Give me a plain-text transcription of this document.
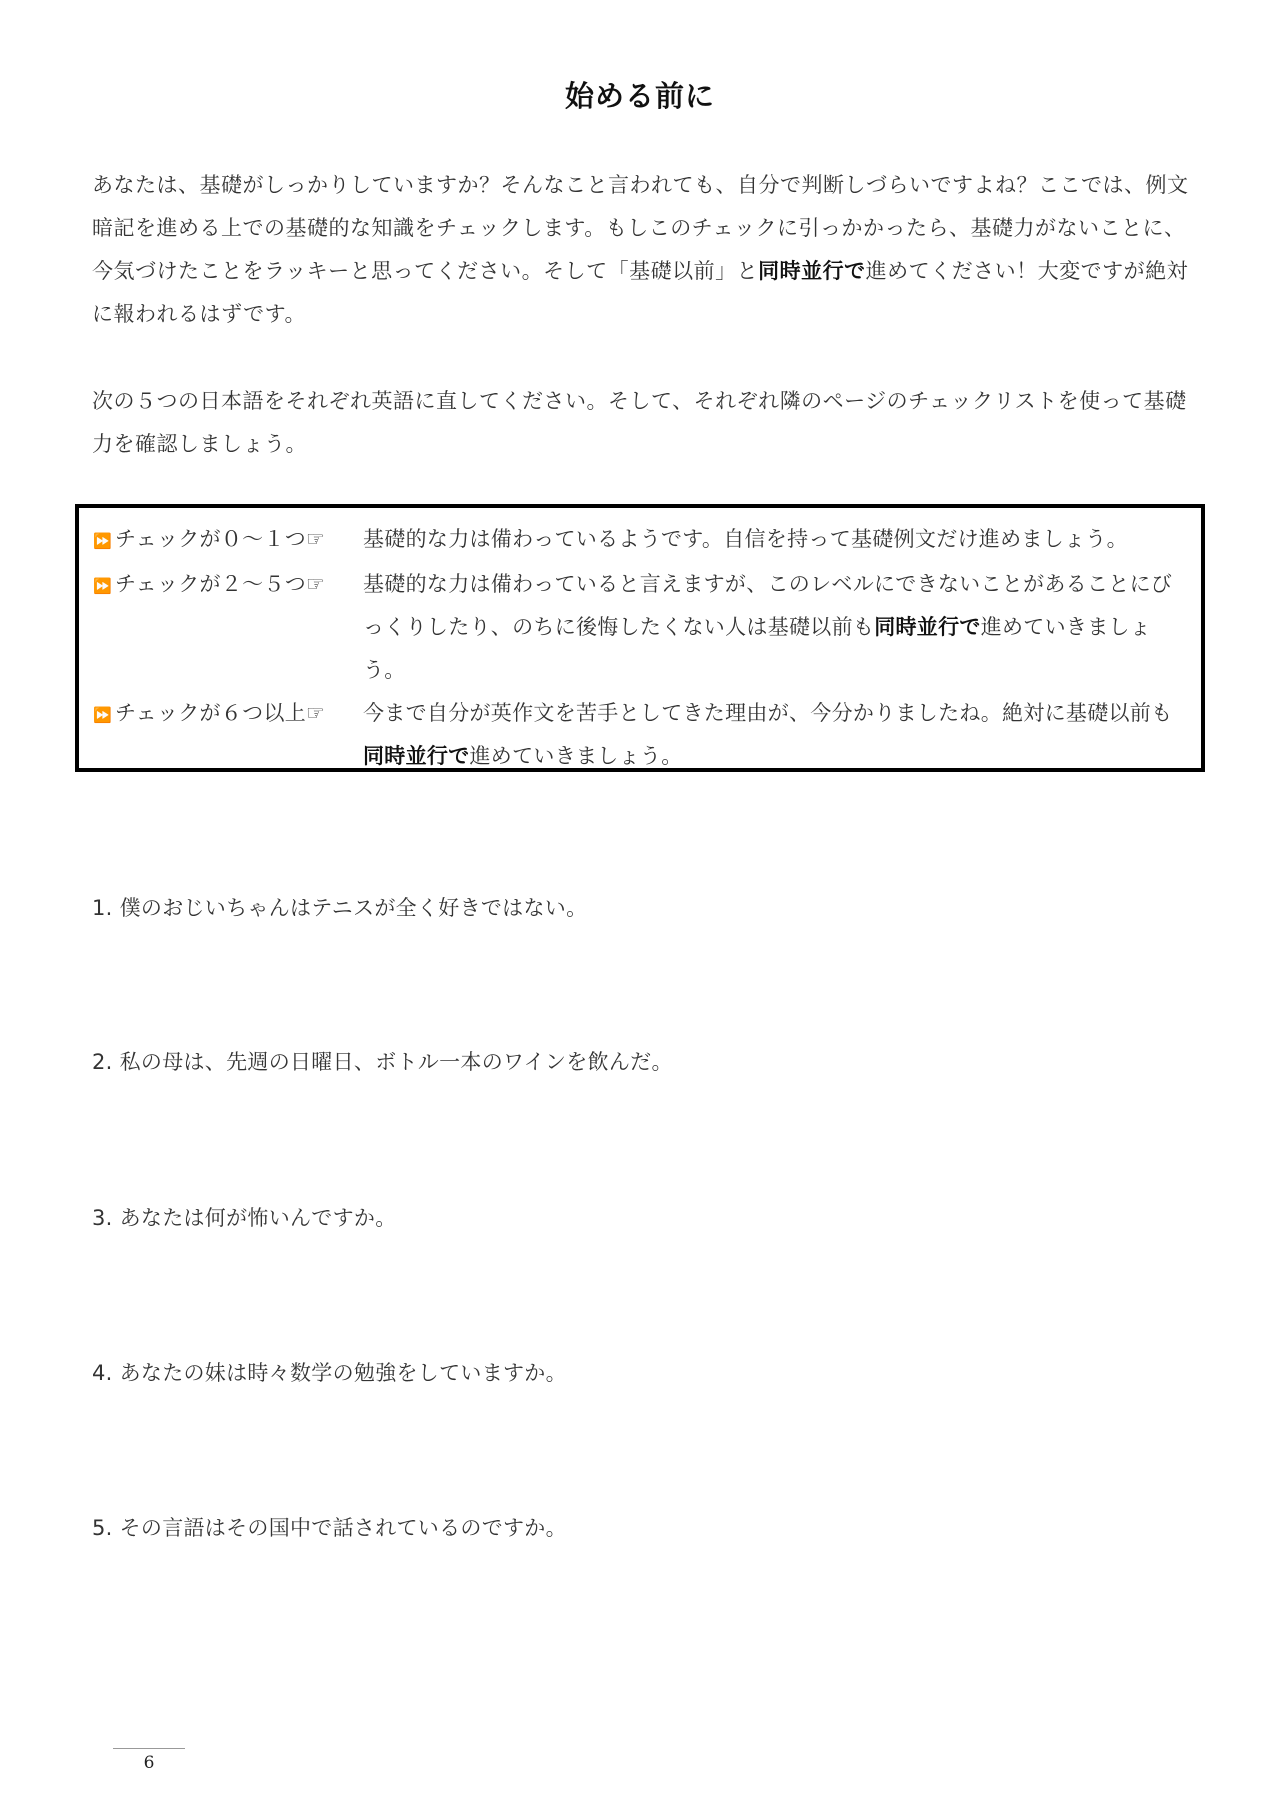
始める前に
あなたは、基礎がしっかりしていますか？そんなこと言われても、自分で判断しづらいですよね？ここでは、例文暗記を進める上での基礎的な知識をチェックします。もしこのチェックに引っかかったら、基礎力がないことに、今気づけたことをラッキーと思ってください。そして「基礎以前」と同時並行で進めてください！大変ですが絶対に報われるはずです。
次の５つの日本語をそれぞれ英語に直してください。そして、それぞれ隣のページのチェックリストを使って基礎力を確認しましょう。
⏩ チェックが０～１つ☞	基礎的な力は備わっているようです。自信を持って基礎例文だけ進めましょう。
⏩ チェックが２～５つ☞	基礎的な力は備わっていると言えますが、このレベルにできないことがあることにびっくりしたり、のちに後悔したくない人は基礎以前も同時並行で進めていきましょう。
⏩ チェックが６つ以上☞	今まで自分が英作文を苦手としてきた理由が、今分かりましたね。絶対に基礎以前も同時並行で進めていきましょう。
1. 僕のおじいちゃんはテニスが全く好きではない。
2. 私の母は、先週の日曜日、ボトル一本のワインを飲んだ。
3. あなたは何が怖いんですか。
4. あなたの妹は時々数学の勉強をしていますか。
5. その言語はその国中で話されているのですか。
6
